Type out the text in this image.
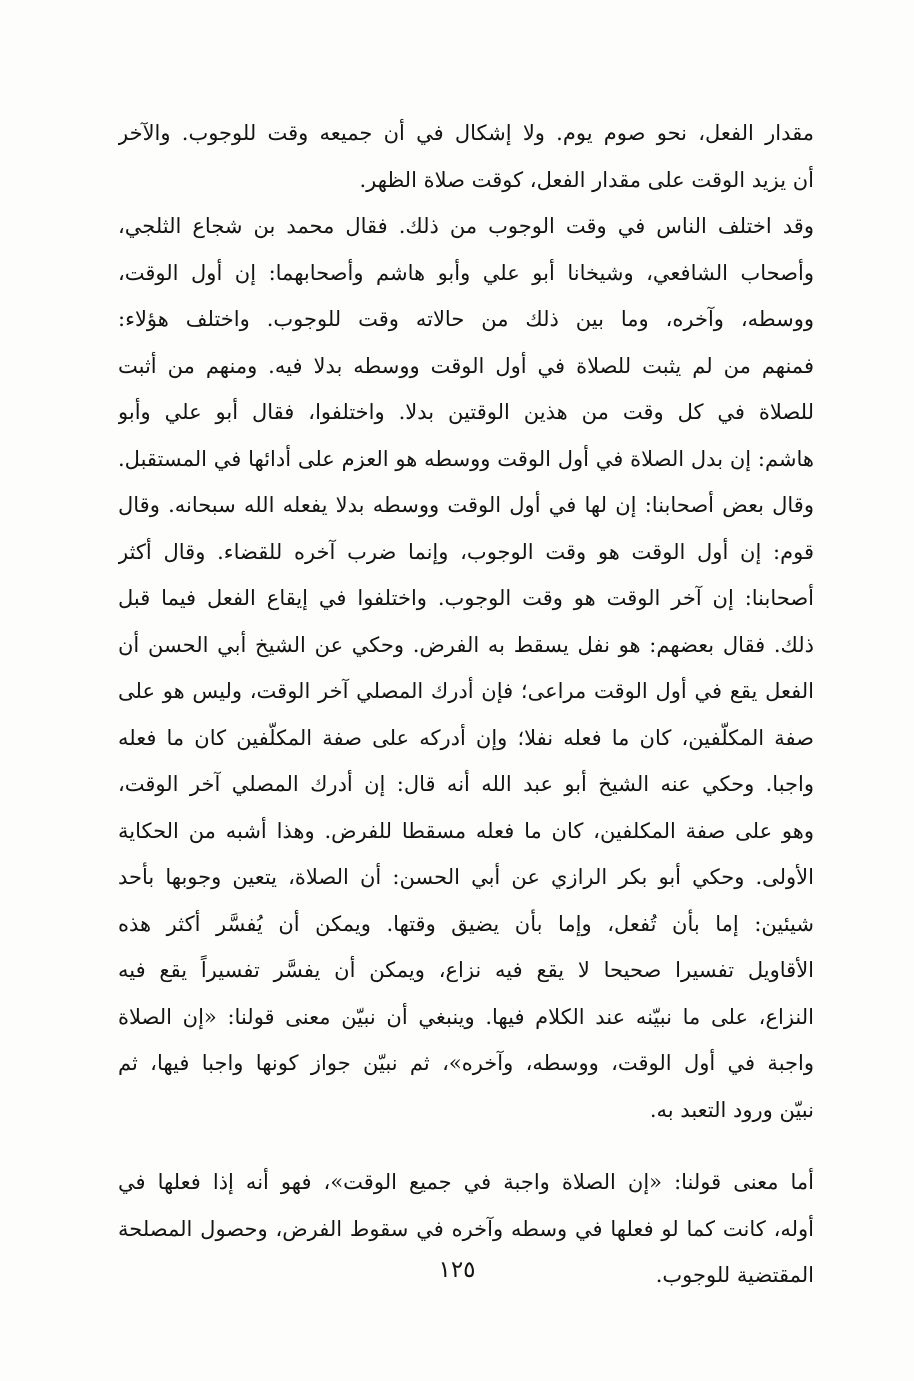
مقدار الفعل، نحو صوم يوم. ولا إشكال في أن جميعه وقت للوجوب. والآخر
أن يزيد الوقت على مقدار الفعل، كوقت صلاة الظهر.
وقد اختلف الناس في وقت الوجوب من ذلك. فقال محمد بن شجاع الثلجي،
وأصحاب الشافعي، وشيخانا أبو علي وأبو هاشم وأصحابهما: إن أول الوقت،
ووسطه، وآخره، وما بين ذلك من حالاته وقت للوجوب. واختلف هؤلاء:
فمنهم من لم يثبت للصلاة في أول الوقت ووسطه بدلا فيه. ومنهم من أثبت
للصلاة في كل وقت من هذين الوقتين بدلا. واختلفوا، فقال أبو علي وأبو
هاشم: إن بدل الصلاة في أول الوقت ووسطه هو العزم على أدائها في المستقبل.
وقال بعض أصحابنا: إن لها في أول الوقت ووسطه بدلا يفعله الله سبحانه. وقال
قوم: إن أول الوقت هو وقت الوجوب، وإنما ضرب آخره للقضاء. وقال أكثر
أصحابنا: إن آخر الوقت هو وقت الوجوب. واختلفوا في إيقاع الفعل فيما قبل
ذلك. فقال بعضهم: هو نفل يسقط به الفرض. وحكي عن الشيخ أبي الحسن أن
الفعل يقع في أول الوقت مراعى؛ فإن أدرك المصلي آخر الوقت، وليس هو على
صفة المكلّفين، كان ما فعله نفلا؛ وإن أدركه على صفة المكلّفين كان ما فعله
واجبا. وحكي عنه الشيخ أبو عبد الله أنه قال: إن أدرك المصلي آخر الوقت،
وهو على صفة المكلفين، كان ما فعله مسقطا للفرض. وهذا أشبه من الحكاية
الأولى. وحكي أبو بكر الرازي عن أبي الحسن: أن الصلاة، يتعين وجوبها بأحد
شيئين: إما بأن تُفعل، وإما بأن يضيق وقتها. ويمكن أن يُفسَّر أكثر هذه
الأقاويل تفسيرا صحيحا لا يقع فيه نزاع، ويمكن أن يفسَّر تفسيراً يقع فيه
النزاع، على ما نبيّنه عند الكلام فيها. وينبغي أن نبيّن معنى قولنا: «إن الصلاة
واجبة في أول الوقت، ووسطه، وآخره»، ثم نبيّن جواز كونها واجبا فيها، ثم
نبيّن ورود التعبد به.
أما معنى قولنا: «إن الصلاة واجبة في جميع الوقت»، فهو أنه إذا فعلها في
أوله، كانت كما لو فعلها في وسطه وآخره في سقوط الفرض، وحصول المصلحة
المقتضية للوجوب.
١٢٥
